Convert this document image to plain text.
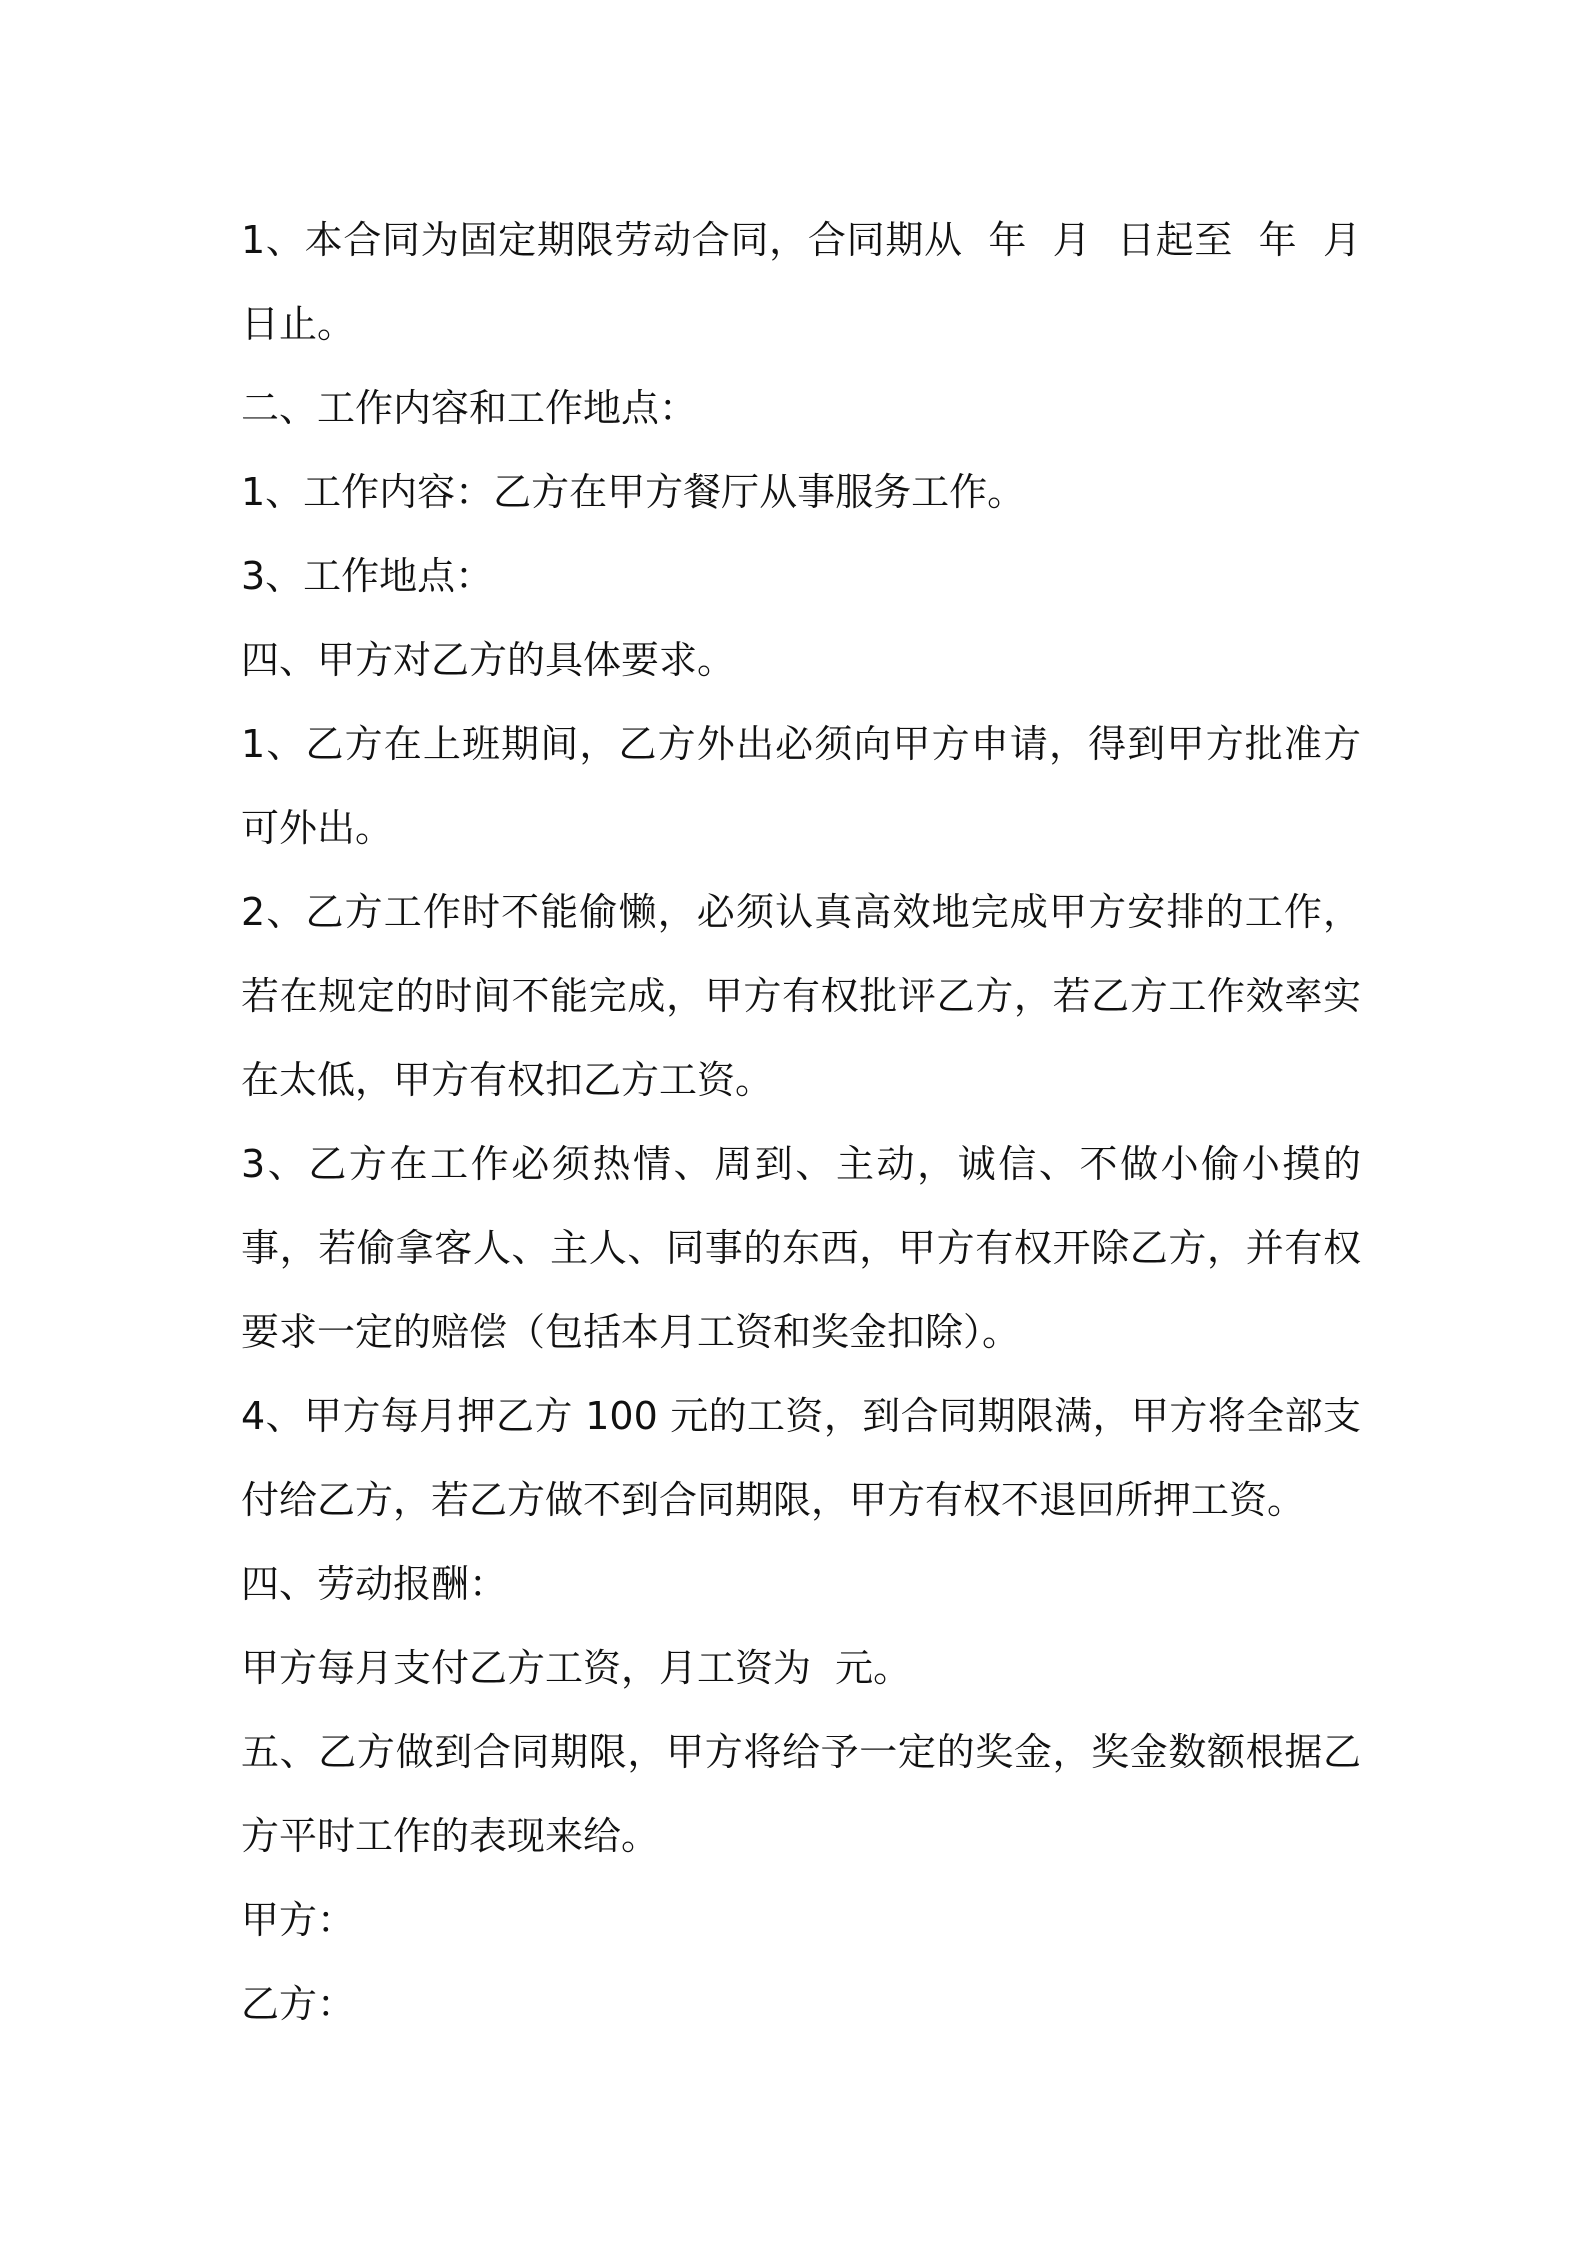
1、本合同为固定期限劳动合同，合同期从  年  月  日起至  年  月  日止。

二、工作内容和工作地点：

1、工作内容：乙方在甲方餐厅从事服务工作。

3、工作地点：

四、甲方对乙方的具体要求。

1、乙方在上班期间，乙方外出必须向甲方申请，得到甲方批准方可外出。

2、乙方工作时不能偷懒，必须认真高效地完成甲方安排的工作，若在规定的时间不能完成，甲方有权批评乙方，若乙方工作效率实在太低，甲方有权扣乙方工资。

3、乙方在工作必须热情、周到、主动，诚信、不做小偷小摸的事，若偷拿客人、主人、同事的东西，甲方有权开除乙方，并有权要求一定的赔偿（包括本月工资和奖金扣除）。

4、甲方每月押乙方 100 元的工资，到合同期限满，甲方将全部支付给乙方，若乙方做不到合同期限，甲方有权不退回所押工资。

四、劳动报酬：

甲方每月支付乙方工资，月工资为  元。

五、乙方做到合同期限，甲方将给予一定的奖金，奖金数额根据乙方平时工作的表现来给。

甲方：

乙方：
